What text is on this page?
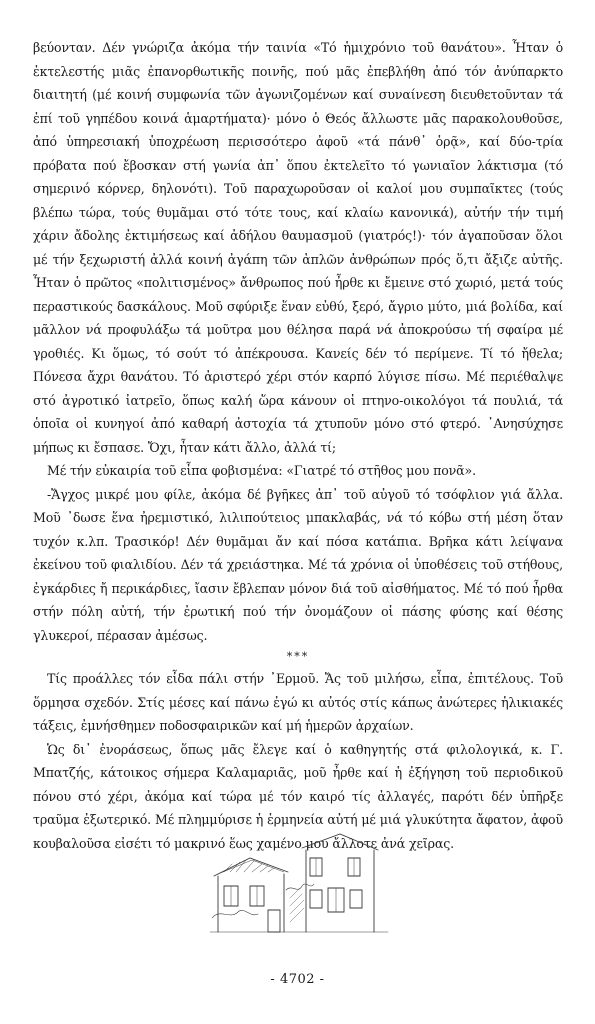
βεύονταν. Δέν γνώριζα ἀκόμα τήν ταινία «Τό ἡμιχρόνιο τοῦ θανάτου». Ἦταν ὁ ἐκτελεστής μιᾶς ἐπανορθωτικῆς ποινῆς, πού μᾶς ἐπεβλήθη ἀπό τόν ἀνύπαρκτο διαιτητή (μέ κοινή συμφωνία τῶν ἀγωνιζομένων καί συναίνεση διευθετοῦνταν τά ἐπί τοῦ γηπέδου κοινά ἁμαρτήματα)· μόνο ὁ Θεός ἄλλωστε μᾶς παρακολουθοῦσε, ἀπό ὑπηρεσιακή ὑποχρέωση περισσότερο ἀφοῦ «τά πάνθ᾿ ὁρᾷ», καί δύο-τρία πρόβατα πού ἔβοσκαν στή γωνία ἀπ᾿ ὅπου ἐκτελεῖτο τό γωνιαῖον λάκτισμα (τό σημερινό κόρνερ, δηλονότι). Τοῦ παραχωροῦσαν οἱ καλοί μου συμπαῖκτες (τούς βλέπω τώρα, τούς θυμᾶμαι στό τότε τους, καί κλαίω κανονικά), αὐτήν τήν τιμή χάριν ἄδολης ἐκτιμήσεως καί ἀδήλου θαυμασμοῦ (γιατρός!)· τόν ἀγαποῦσαν ὅλοι μέ τήν ξεχωριστή ἀλλά κοινή ἀγάπη τῶν ἁπλῶν ἀνθρώπων πρός ὅ,τι ἄξιζε αὐτῆς. Ἦταν ὁ πρῶτος «πολιτισμένος» ἄνθρωπος πού ἦρθε κι ἔμεινε στό χωριό, μετά τούς περαστικούς δασκάλους. Μοῦ σφύριξε ἕναν εὐθύ, ξερό, ἄγριο μύτο, μιά βολίδα, καί μᾶλλον νά προφυλάξω τά μοῦτρα μου θέλησα παρά νά ἀποκρούσω τή σφαίρα μέ γροθιές. Κι ὅμως, τό σούτ τό ἀπέκρουσα. Κανείς δέν τό περίμενε. Τί τό ἤθελα; Πόνεσα ἄχρι θανάτου. Τό ἀριστερό χέρι στόν καρπό λύγισε πίσω. Μέ περιέθαλψε στό ἀγροτικό ἰατρεῖο, ὅπως καλή ὥρα κάνουν οἱ πτηνο-οικολόγοι τά πουλιά, τά ὁποῖα οἱ κυνηγοί ἀπό καθαρή ἀστοχία τά χτυποῦν μόνο στό φτερό. ᾿Ανησύχησε μήπως κι ἔσπασε. Ὄχι, ἦταν κάτι ἄλλο, ἀλλά τί;

Μέ τήν εὐκαιρία τοῦ εἶπα φοβισμένα: «Γιατρέ τό στῆθος μου πονᾶ».

-Ἄγχος μικρέ μου φίλε, ἀκόμα δέ βγῆκες ἀπ᾿ τοῦ αὐγοῦ τό τσόφλιον γιά ἄλλα. Μοῦ ᾿δωσε ἕνα ἠρεμιστικό, λιλιπούτειος μπακλαβάς, νά τό κόβω στή μέση ὅταν τυχόν κ.λπ. Τρασικόρ! Δέν θυμᾶμαι ἄν καί πόσα κατάπια. Βρῆκα κάτι λείψανα ἐκείνου τοῦ φιαλιδίου. Δέν τά χρειάστηκα. Μέ τά χρόνια οἱ ὑποθέσεις τοῦ στήθους, ἐγκάρδιες ἤ περικάρδιες, ἴασιν ἔβλεπαν μόνον διά τοῦ αἰσθήματος. Μέ τό πού ἦρθα στήν πόλη αὐτή, τήν ἐρωτική πού τήν ὀνομάζουν οἱ πάσης φύσης καί θέσης γλυκεροί, πέρασαν ἀμέσως.

***

Τίς προάλλες τόν εἶδα πάλι στήν ᾿Ερμοῦ. Ἄς τοῦ μιλήσω, εἶπα, ἐπιτέλους. Τοῦ ὅρμησα σχεδόν. Στίς μέσες καί πάνω ἐγώ κι αὐτός στίς κάπως ἀνώτερες ἡλικιακές τάξεις, ἐμνήσθημεν ποδοσφαιρικῶν καί μή ἡμερῶν ἀρχαίων.

Ὡς δι᾿ ἐνοράσεως, ὅπως μᾶς ἔλεγε καί ὁ καθηγητής στά φιλολογικά, κ. Γ. Μπατζής, κάτοικος σήμερα Καλαμαριᾶς, μοῦ ἦρθε καί ἡ ἐξήγηση τοῦ περιοδικοῦ πόνου στό χέρι, ἀκόμα καί τώρα μέ τόν καιρό τίς ἀλλαγές, παρότι δέν ὑπῆρξε τραῦμα ἐξωτερικό. Μέ πλημμύρισε ἡ ἑρμηνεία αὐτή μέ μιά γλυκύτητα ἄφατον, ἀφοῦ κουβαλοῦσα εἰσέτι τό μακρινό ἕως χαμένο μου ἄλλοτε ἀνά χεῖρας.

- 4702 -
